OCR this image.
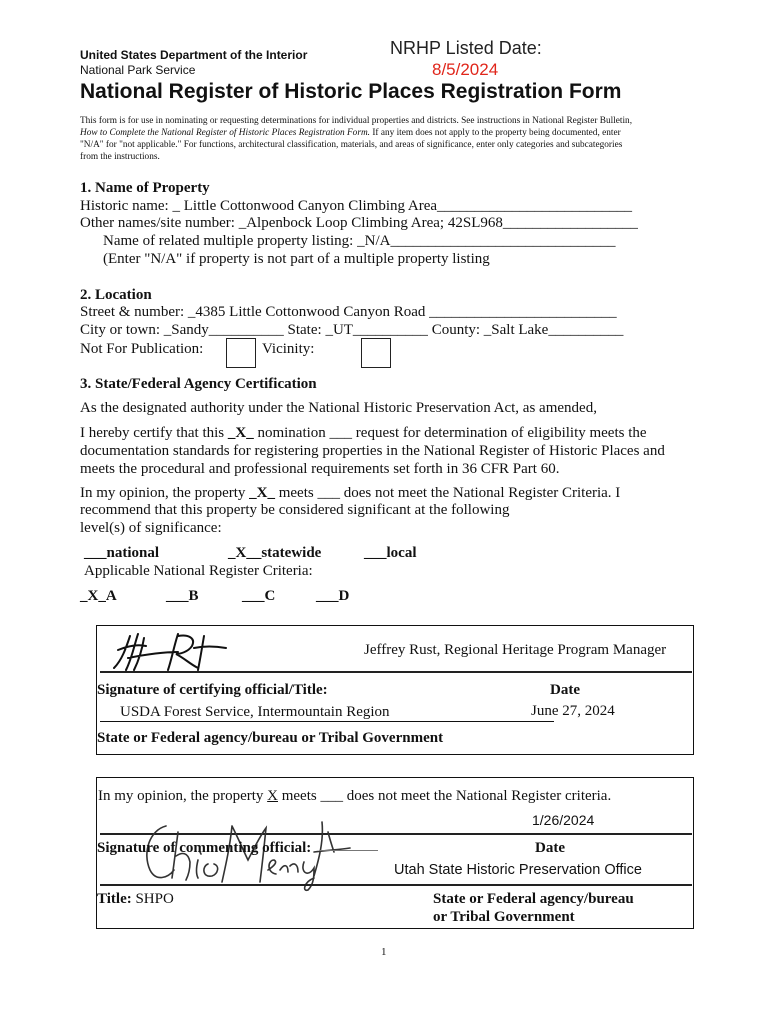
United States Department of the Interior
National Park Service
NRHP Listed Date:
8/5/2024
National Register of Historic Places Registration Form
This form is for use in nominating or requesting determinations for individual properties and districts. See instructions in National Register Bulletin,
How to Complete the National Register of Historic Places Registration Form. If any item does not apply to the property being documented, enter
"N/A" for "not applicable." For functions, architectural classification, materials, and areas of significance, enter only categories and subcategories
from the instructions.
1. Name of Property
Historic name: _ Little Cottonwood Canyon Climbing Area__________________________
Other names/site number: _Alpenbock Loop Climbing Area; 42SL968__________________
Name of related multiple property listing: _N/A______________________________
(Enter "N/A" if property is not part of a multiple property listing
2. Location
Street & number: _4385 Little Cottonwood Canyon Road _________________________
City or town: _Sandy__________ State: _UT__________ County: _Salt Lake__________
Not For Publication:	Vicinity:
3. State/Federal Agency Certification
As the designated authority under the National Historic Preservation Act, as amended,
I hereby certify that this _X_ nomination ___ request for determination of eligibility meets the
documentation standards for registering properties in the National Register of Historic Places and
meets the procedural and professional requirements set forth in 36 CFR Part 60.
In my opinion, the property _X_ meets ___ does not meet the National Register Criteria. I
recommend that this property be considered significant at the following
level(s) of significance:
___national	_X__statewide	___local
Applicable National Register Criteria:
_X_A	___B	___C	___D
Jeffrey Rust, Regional Heritage Program Manager
Signature of certifying official/Title:	Date
USDA Forest Service, Intermountain Region	June 27, 2024
State or Federal agency/bureau or Tribal Government
In my opinion, the property X meets ___ does not meet the National Register criteria.
1/26/2024
Signature of commenting official:	Date
Utah State Historic Preservation Office
Title: SHPO	State or Federal agency/bureau
or Tribal Government
1
